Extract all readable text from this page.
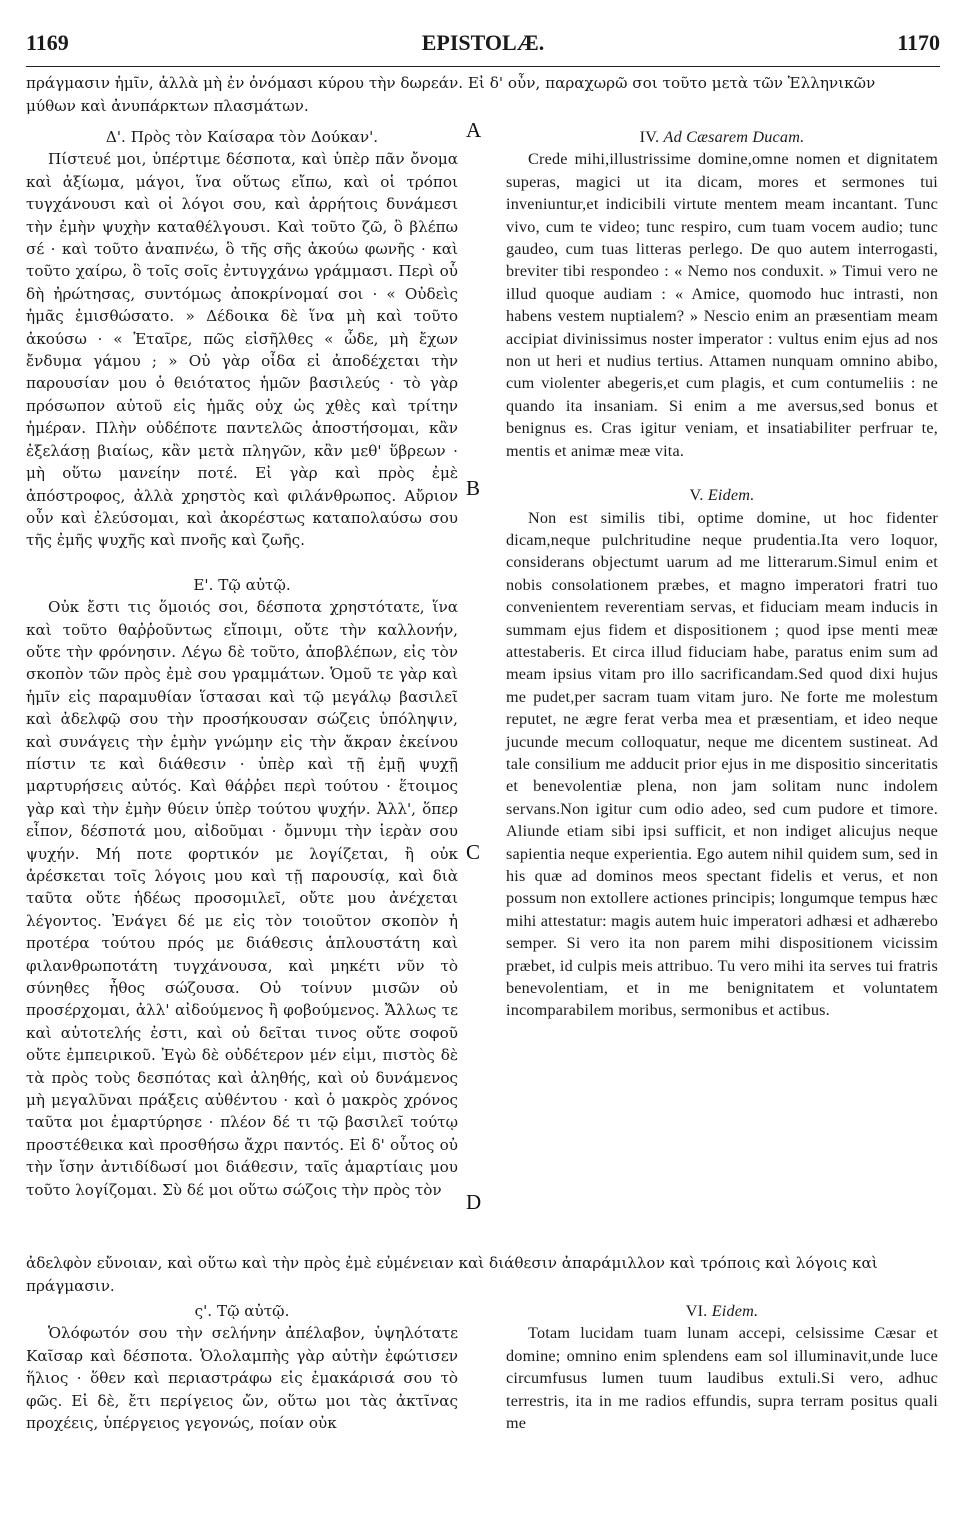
1169	EPISTOLÆ.	1170
πράγμασιν ἡμῖν, ἀλλὰ μὴ ἐν ὀνόμασι κύρου τὴν δωρεάν. Εἰ δ' οὖν, παραχωρῶ σοι τοῦτο μετὰ τῶν Ἑλληνικῶν
μύθων καὶ ἀνυπάρκτων πλασμάτων.
Δ'. Πρὸς τὸν Καίσαρα τὸν Δούκαν'.

Πίστευέ μοι, ὑπέρτιμε δέσποτα, καὶ ὑπὲρ πᾶν ὄνομα καὶ ἀξίωμα, μάγοι, ἵνα οὕτως εἴπω, καὶ οἱ τρόποι τυγχάνουσι καὶ οἱ λόγοι σου, καὶ ἀρρήτοις δυνάμεσι τὴν ἐμὴν ψυχὴν καταθέλγουσι. Καὶ τοῦτο ζῶ, ὃ βλέπω σέ · καὶ τοῦτο ἀναπνέω, ὃ τῆς σῆς ἀκούω φωνῆς · καὶ τοῦτο χαίρω, ὃ τοῖς σοῖς ἐντυγχάνω γράμμασι. Περὶ οὗ δὴ ἠρώτησας, συντόμως ἀποκρίνομαί σοι · « Οὐδεὶς ἡμᾶς ἐμισθώσατο. » Δέδοικα δὲ ἵνα μὴ καὶ τοῦτο ἀκούσω · « Ἑταῖρε, πῶς εἰσῆλθες « ὧδε, μὴ ἔχων ἔνδυμα γάμου ; » Οὐ γὰρ οἶδα εἰ ἀποδέχεται τὴν παρουσίαν μου ὁ θειότατος ἡμῶν βασιλεύς · τὸ γὰρ πρόσωπον αὐτοῦ εἰς ἡμᾶς οὐχ ὡς χθὲς καὶ τρίτην ἡμέραν. Πλὴν οὐδέποτε παντελῶς ἀποστήσομαι, κἂν ἐξελάσῃ βιαίως, κἂν μετὰ πληγῶν, κἂν μεθ' ὕβρεων · μὴ οὕτω μανείην ποτέ. Εἰ γὰρ καὶ πρὸς ἐμὲ ἀπόστροφος, ἀλλὰ χρηστὸς καὶ φιλάνθρωπος. Αὔριον οὖν καὶ ἐλεύσομαι, καὶ ἀκορέστως καταπολαύσω σου τῆς ἐμῆς ψυχῆς καὶ πνοῆς καὶ ζωῆς.

Ε'. Τῷ αὐτῷ.

Οὐκ ἔστι τις ὅμοιός σοι, δέσποτα χρηστότατε, ἵνα καὶ τοῦτο θαῤῥοῦντως εἴποιμι, οὔτε τὴν καλλονήν, οὔτε τὴν φρόνησιν. Λέγω δὲ τοῦτο, ἀποβλέπων, εἰς τὸν σκοπὸν τῶν πρὸς ἐμὲ σου γραμμάτων. Ὁμοῦ τε γὰρ καὶ ἡμῖν εἰς παραμυθίαν ἵστασαι καὶ τῷ μεγάλῳ βασιλεῖ καὶ ἀδελφῷ σου τὴν προσήκουσαν σώζεις ὑπόληψιν, καὶ συνάγεις τὴν ἐμὴν γνώμην εἰς τὴν ἄκραν ἐκείνου πίστιν τε καὶ διάθεσιν · ὑπὲρ καὶ τῇ ἐμῇ ψυχῇ μαρτυρήσεις αὐτός. Καὶ θάῤῥει περὶ τούτου · ἕτοιμος γὰρ καὶ τὴν ἐμὴν θύειν ὑπὲρ τούτου ψυχήν. Ἀλλ', ὅπερ εἶπον, δέσποτά μου, αἰδοῦμαι · ὄμνυμι τὴν ἱερὰν σου ψυχήν. Μή ποτε φορτικόν με λογίζεται, ἢ οὐκ ἀρέσκεται τοῖς λόγοις μου καὶ τῇ παρουσίᾳ, καὶ διὰ ταῦτα οὔτε ἡδέως προσομιλεῖ, οὔτε μου ἀνέχεται λέγοντος. Ἐνάγει δέ με εἰς τὸν τοιοῦτον σκοπὸν ἡ προτέρα τούτου πρός με διάθεσις ἁπλουστάτη καὶ φιλανθρωποτάτη τυγχάνουσα, καὶ μηκέτι νῦν τὸ σύνηθες ἦθος σώζουσα. Οὐ τοίνυν μισῶν οὐ προσέρχομαι, ἀλλ' αἰδούμενος ἢ φοβούμενος. Ἄλλως τε καὶ αὐτοτελής ἐστι, καὶ οὐ δεῖται τινος οὔτε σοφοῦ οὔτε ἐμπειρικοῦ. Ἐγὼ δὲ οὐδέτερον μέν εἰμι, πιστὸς δὲ τὰ πρὸς τοὺς δεσπότας καὶ ἀληθής, καὶ οὐ δυνάμενος μὴ μεγαλῦναι πράξεις αὐθέντου · καὶ ὁ μακρὸς χρόνος ταῦτα μοι ἐμαρτύρησε · πλέον δέ τι τῷ βασιλεῖ τούτῳ προστέθεικα καὶ προσθήσω ἄχρι παντός. Εἰ δ' οὗτος οὐ τὴν ἴσην ἀντιδίδωσί μοι διάθεσιν, ταῖς ἁμαρτίαις μου τοῦτο λογίζομαι. Σὺ δέ μοι οὕτω σώζοις τὴν πρὸς τὸν

IV. Ad Cæsarem Ducam.

Crede mihi,illustrissime domine,omne nomen et dignitatem superas, magici ut ita dicam, mores et sermones tui inveniuntur,et indicibili virtute mentem meam incantant. Tunc vivo, cum te video; tunc respiro, cum tuam vocem audio; tunc gaudeo, cum tuas litteras perlego. De quo autem interrogasti, breviter tibi respondeo : « Nemo nos conduxit. » Timui vero ne illud quoque audiam : « Amice, quomodo huc intrasti, non habens vestem nuptialem? » Nescio enim an præsentiam meam accipiat divinissimus noster imperator : vultus enim ejus ad nos non ut heri et nudius tertius. Attamen nunquam omnino abibo, cum violenter abegeris,et cum plagis, et cum contumeliis : ne quando ita insaniam. Si enim a me aversus,sed bonus et benignus es. Cras igitur veniam, et insatiabiliter perfruar te, mentis et animæ meæ vita.

V. Eidem.

Non est similis tibi, optime domine, ut hoc fidenter dicam,neque pulchritudine neque prudentia.Ita vero loquor, considerans objectumt uarum ad me litterarum.Simul enim et nobis consolationem præbes, et magno imperatori fratri tuo convenientem reverentiam servas, et fiduciam meam inducis in summam ejus fidem et dispositionem ; quod ipse menti meæ attestaberis. Et circa illud fiduciam habe, paratus enim sum ad meam ipsius vitam pro illo sacrificandam.Sed quod dixi hujus me pudet,per sacram tuam vitam juro. Ne forte me molestum reputet, ne ægre ferat verba mea et præsentiam, et ideo neque jucunde mecum colloquatur, neque me dicentem sustineat. Ad tale consilium me adducit prior ejus in me dispositio sinceritatis et benevolentiæ plena, non jam solitam nunc indolem servans.Non igitur cum odio adeo, sed cum pudore et timore. Aliunde etiam sibi ipsi sufficit, et non indiget alicujus neque sapientia neque experientia. Ego autem nihil quidem sum, sed in his quæ ad dominos meos spectant fidelis et verus, et non possum non extollere actiones principis; longumque tempus hæc mihi attestatur: magis autem huic imperatori adhæsi et adhærebo semper. Si vero ita non parem mihi dispositionem vicissim præbet, id culpis meis attribuo. Tu vero mihi ita serves tui fratris benevolentiam, et in me benignitatem et voluntatem incomparabilem moribus, sermonibus et actibus.

ἀδελφὸν εὔνοιαν, καὶ οὕτω καὶ τὴν πρὸς ἐμὲ εὐμένειαν καὶ διάθεσιν ἀπαράμιλλον καὶ τρόποις καὶ λόγοις καὶ
πράγμασιν.
ς'. Τῷ αὐτῷ.

Ὁλόφωτόν σου τὴν σελήνην ἀπέλαβον, ὑψηλότατε Καῖσαρ καὶ δέσποτα. Ὁλολαμπὴς γὰρ αὐτὴν ἐφώτισεν ἥλιος · ὅθεν καὶ περιαστράφω εἰς ἐμακάρισά σου τὸ φῶς. Εἰ δὲ, ἔτι περίγειος ὤν, οὕτω μοι τὰς ἀκτῖνας προχέεις, ὑπέργειος γεγονώς, ποίαν οὐκ

VI. Eidem.

Totam lucidam tuam lunam accepi, celsissime Cæsar et domine; omnino enim splendens eam sol illuminavit,unde luce circumfusus lumen tuum laudibus extuli.Si vero, adhuc terrestris, ita in me radios effundis, supra terram positus quali me

A
B
C
D
